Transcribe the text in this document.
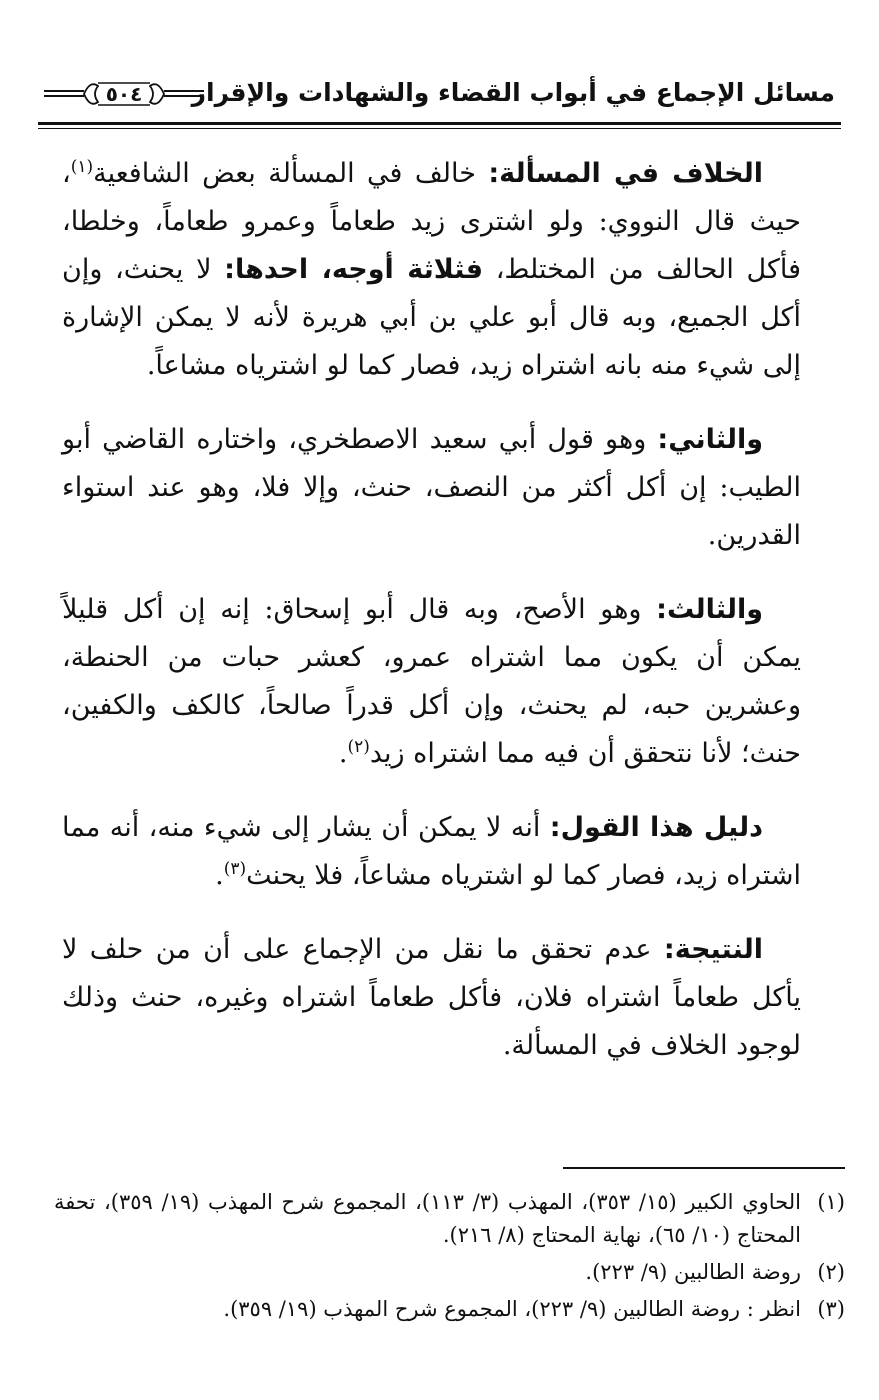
مسائل الإجماع في أبواب القضاء والشهادات والإقرار
٥٠٤

الخلاف في المسألة: خالف في المسألة بعض الشافعية$^{(١)}$، حيث قال النووي: ولو اشترى زيد طعاماً وعمرو طعاماً، وخلطا، فأكل الحالف من المختلط، فثلاثة أوجه، احدها: لا يحنث، وإن أكل الجميع، وبه قال أبو علي بن أبي هريرة لأنه لا يمكن الإشارة إلى شيء منه بانه اشتراه زيد، فصار كما لو اشترياه مشاعاً.

والثاني: وهو قول أبي سعيد الاصطخري، واختاره القاضي أبو الطيب: إن أكل أكثر من النصف، حنث، وإلا فلا، وهو عند استواء القدرين.

والثالث: وهو الأصح، وبه قال أبو إسحاق: إنه إن أكل قليلاً يمكن أن يكون مما اشتراه عمرو، كعشر حبات من الحنطة، وعشرين حبه، لم يحنث، وإن أكل قدراً صالحاً، كالكف والكفين، حنث؛ لأنا نتحقق أن فيه مما اشتراه زيد$^{(٢)}$.

دليل هذا القول: أنه لا يمكن أن يشار إلى شيء منه، أنه مما اشتراه زيد، فصار كما لو اشترياه مشاعاً، فلا يحنث$^{(٣)}$.

النتيجة: عدم تحقق ما نقل من الإجماع على أن من حلف لا يأكل طعاماً اشتراه فلان، فأكل طعاماً اشتراه وغيره، حنث وذلك لوجود الخلاف في المسألة.

(١)
الحاوي الكبير (١٥/ ٣٥٣)، المهذب (٣/ ١١٣)، المجموع شرح المهذب (١٩/ ٣٥٩)، تحفة المحتاج (١٠/ ٦٥)، نهاية المحتاج (٨/ ٢١٦).
(٢)
روضة الطالبين (٩/ ٢٢٣).
(٣)
انظر : روضة الطالبين (٩/ ٢٢٣)، المجموع شرح المهذب (١٩/ ٣٥٩).
